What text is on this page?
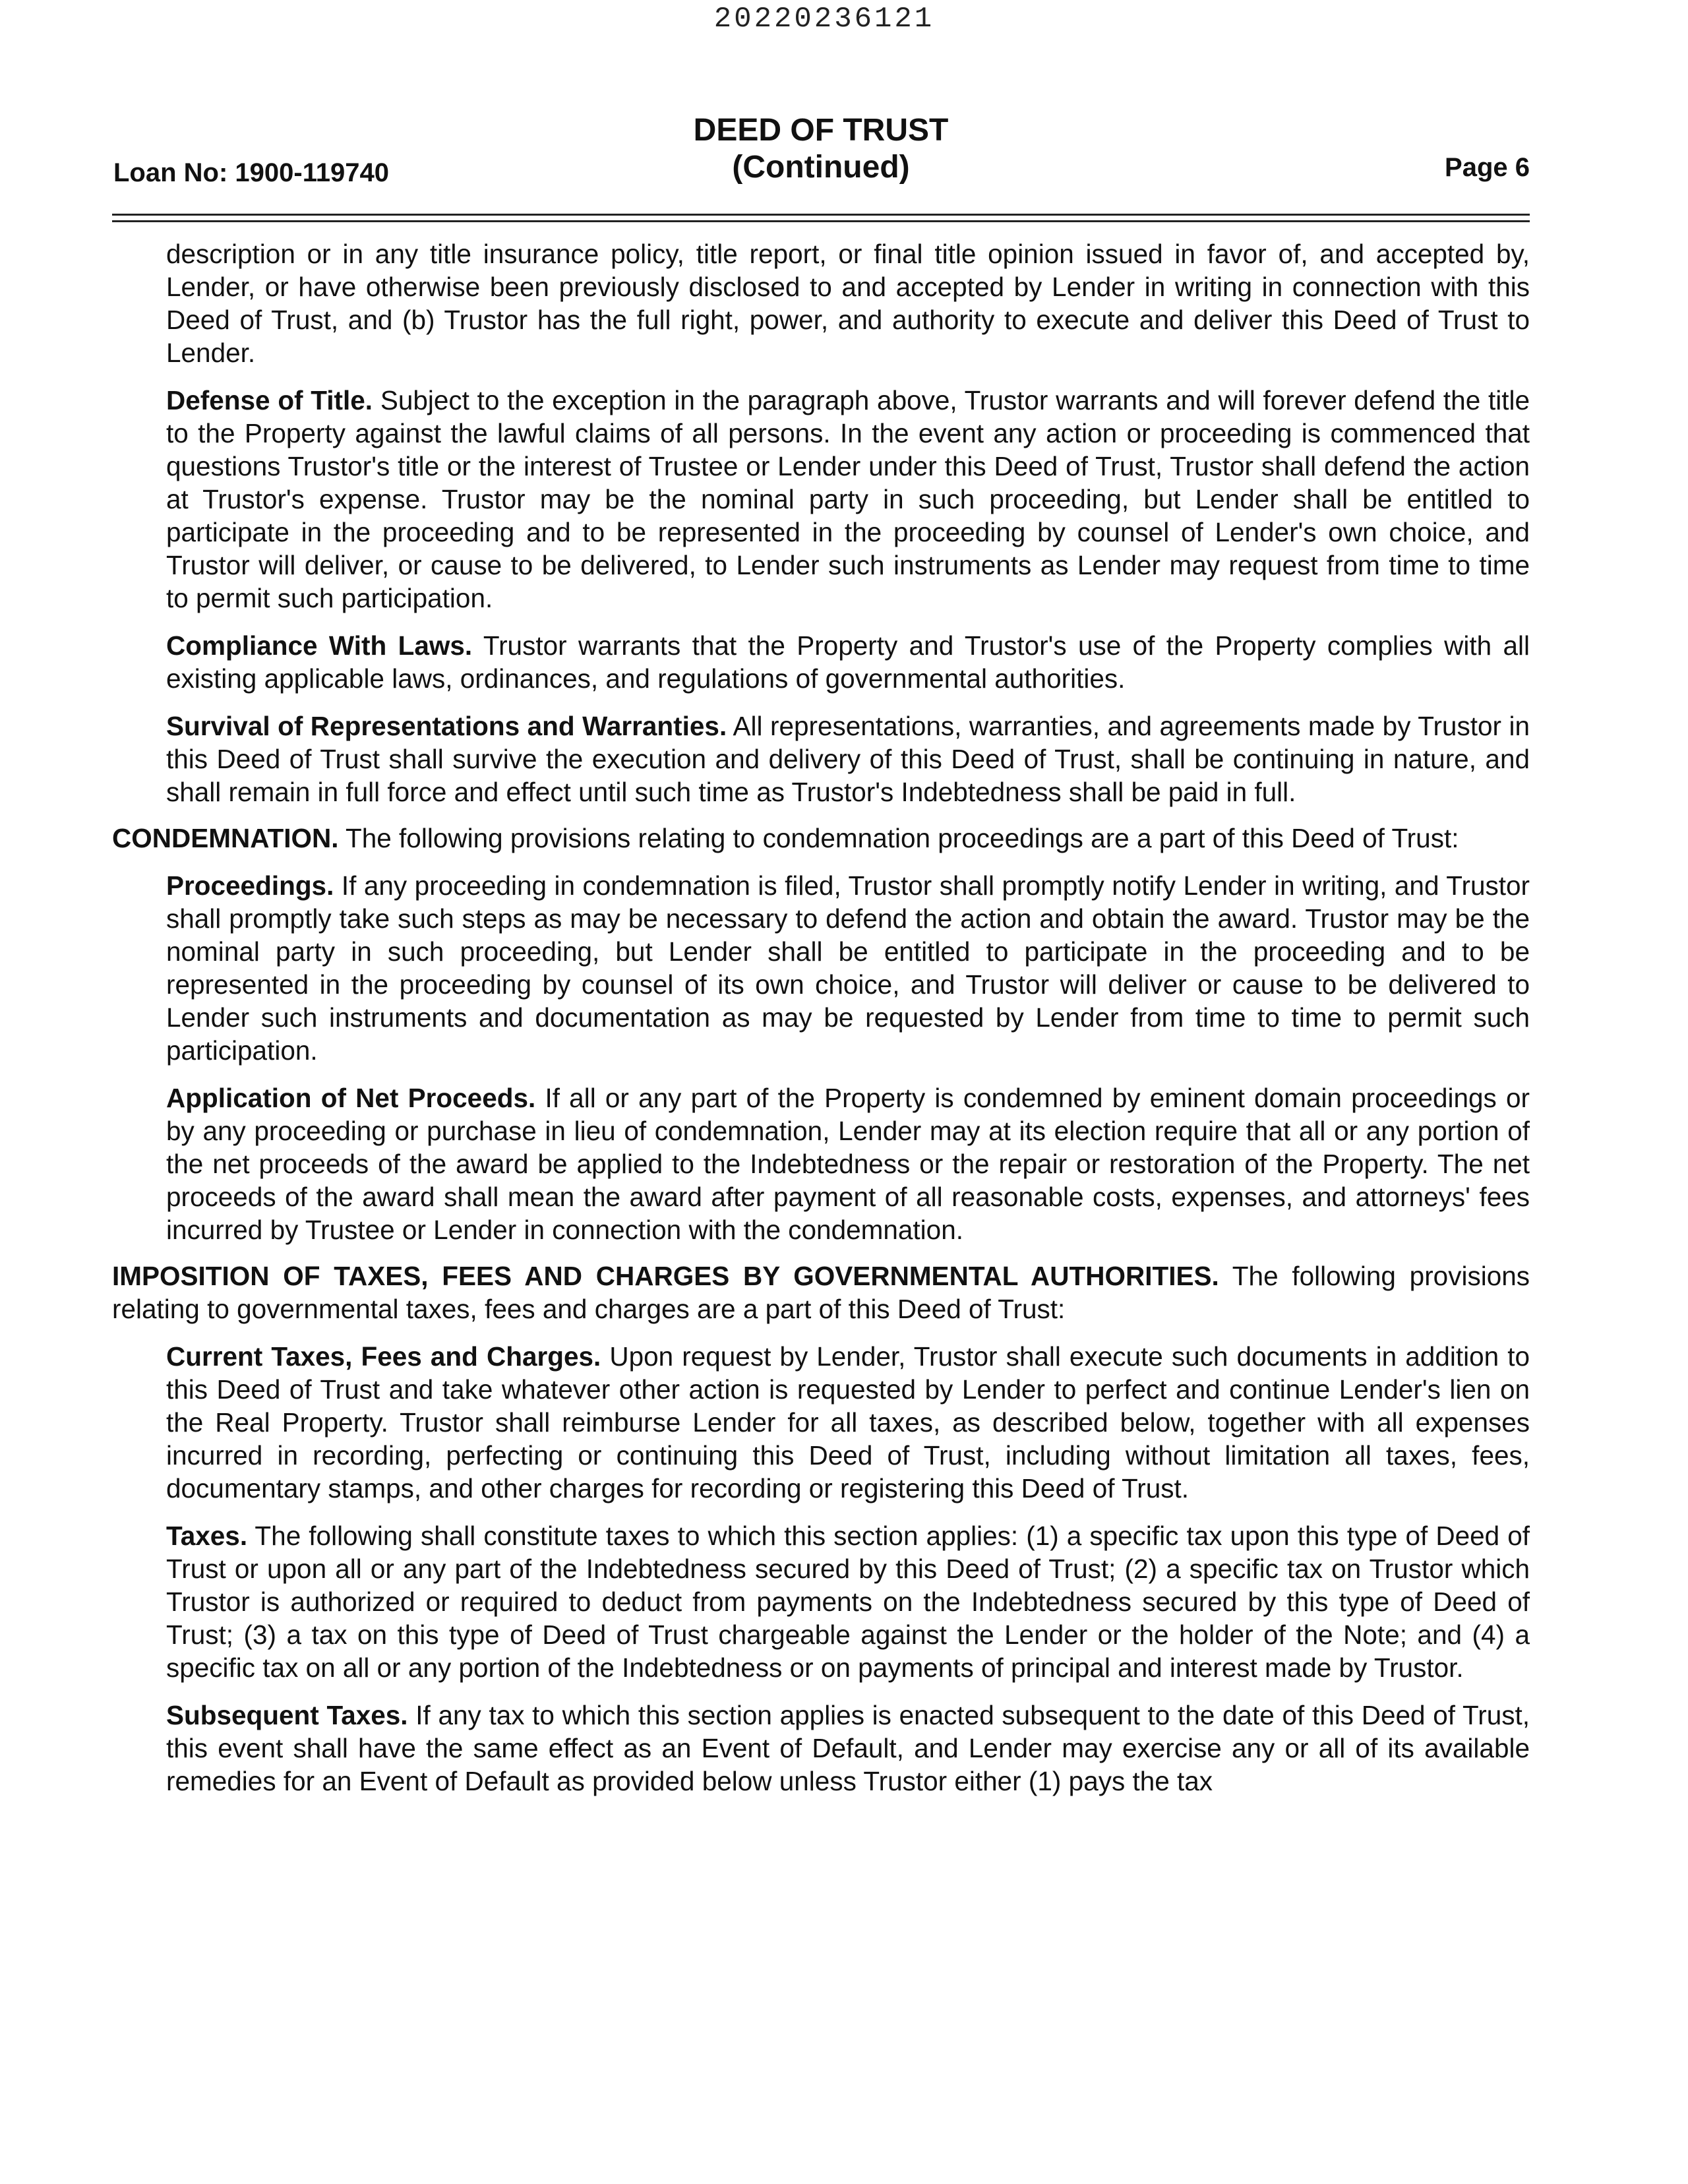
20220236121
Loan No: 1900-119740
DEED OF TRUST
(Continued)	Page 6

description or in any title insurance policy, title report, or final title opinion issued in favor of, and accepted by, Lender, or have otherwise been previously disclosed to and accepted by Lender in writing in connection with this Deed of Trust, and (b) Trustor has the full right, power, and authority to execute and deliver this Deed of Trust to Lender.

Defense of Title. Subject to the exception in the paragraph above, Trustor warrants and will forever defend the title to the Property against the lawful claims of all persons. In the event any action or proceeding is commenced that questions Trustor's title or the interest of Trustee or Lender under this Deed of Trust, Trustor shall defend the action at Trustor's expense. Trustor may be the nominal party in such proceeding, but Lender shall be entitled to participate in the proceeding and to be represented in the proceeding by counsel of Lender's own choice, and Trustor will deliver, or cause to be delivered, to Lender such instruments as Lender may request from time to time to permit such participation.

Compliance With Laws. Trustor warrants that the Property and Trustor's use of the Property complies with all existing applicable laws, ordinances, and regulations of governmental authorities.

Survival of Representations and Warranties. All representations, warranties, and agreements made by Trustor in this Deed of Trust shall survive the execution and delivery of this Deed of Trust, shall be continuing in nature, and shall remain in full force and effect until such time as Trustor's Indebtedness shall be paid in full.

CONDEMNATION. The following provisions relating to condemnation proceedings are a part of this Deed of Trust:

Proceedings. If any proceeding in condemnation is filed, Trustor shall promptly notify Lender in writing, and Trustor shall promptly take such steps as may be necessary to defend the action and obtain the award. Trustor may be the nominal party in such proceeding, but Lender shall be entitled to participate in the proceeding and to be represented in the proceeding by counsel of its own choice, and Trustor will deliver or cause to be delivered to Lender such instruments and documentation as may be requested by Lender from time to time to permit such participation.

Application of Net Proceeds. If all or any part of the Property is condemned by eminent domain proceedings or by any proceeding or purchase in lieu of condemnation, Lender may at its election require that all or any portion of the net proceeds of the award be applied to the Indebtedness or the repair or restoration of the Property. The net proceeds of the award shall mean the award after payment of all reasonable costs, expenses, and attorneys' fees incurred by Trustee or Lender in connection with the condemnation.

IMPOSITION OF TAXES, FEES AND CHARGES BY GOVERNMENTAL AUTHORITIES. The following provisions relating to governmental taxes, fees and charges are a part of this Deed of Trust:

Current Taxes, Fees and Charges. Upon request by Lender, Trustor shall execute such documents in addition to this Deed of Trust and take whatever other action is requested by Lender to perfect and continue Lender's lien on the Real Property. Trustor shall reimburse Lender for all taxes, as described below, together with all expenses incurred in recording, perfecting or continuing this Deed of Trust, including without limitation all taxes, fees, documentary stamps, and other charges for recording or registering this Deed of Trust.

Taxes. The following shall constitute taxes to which this section applies: (1) a specific tax upon this type of Deed of Trust or upon all or any part of the Indebtedness secured by this Deed of Trust; (2) a specific tax on Trustor which Trustor is authorized or required to deduct from payments on the Indebtedness secured by this type of Deed of Trust; (3) a tax on this type of Deed of Trust chargeable against the Lender or the holder of the Note; and (4) a specific tax on all or any portion of the Indebtedness or on payments of principal and interest made by Trustor.

Subsequent Taxes. If any tax to which this section applies is enacted subsequent to the date of this Deed of Trust, this event shall have the same effect as an Event of Default, and Lender may exercise any or all of its available remedies for an Event of Default as provided below unless Trustor either (1) pays the tax
